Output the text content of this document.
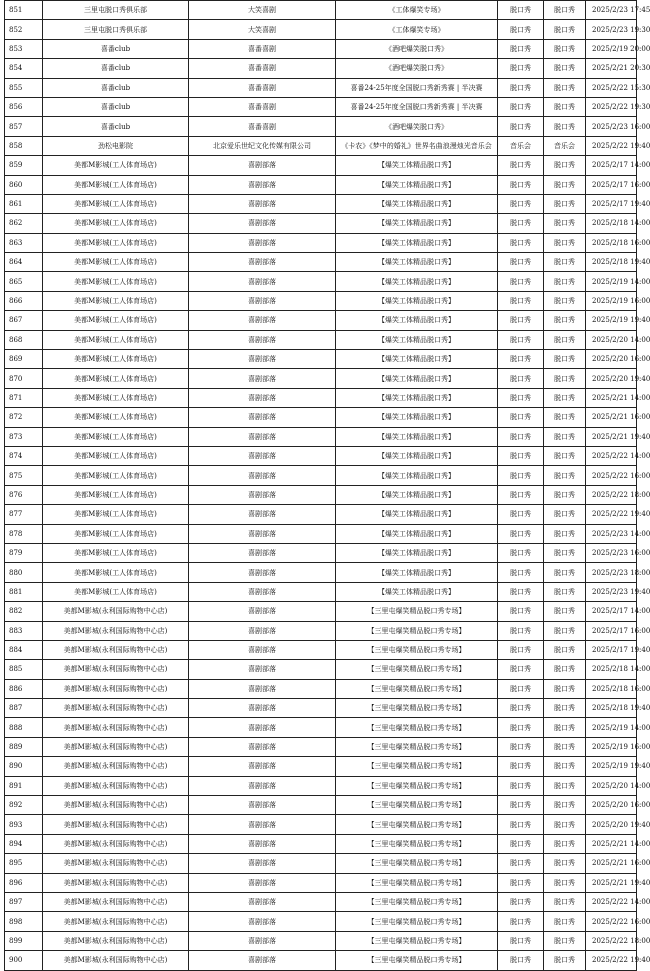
851	三里屯脱口秀俱乐部	大笑喜剧	《工体爆笑专场》	脱口秀	脱口秀	2025/2/23 17:45
852	三里屯脱口秀俱乐部	大笑喜剧	《工体爆笑专场》	脱口秀	脱口秀	2025/2/23 19:30
853	喜番club	喜番喜剧	《酒吧爆笑脱口秀》	脱口秀	脱口秀	2025/2/19 20:00
854	喜番club	喜番喜剧	《酒吧爆笑脱口秀》	脱口秀	脱口秀	2025/2/21 20:30
855	喜番club	喜番喜剧	喜番24-25年度全国脱口秀新秀赛 | 半决赛	脱口秀	脱口秀	2025/2/22 15:30
856	喜番club	喜番喜剧	喜番24-25年度全国脱口秀新秀赛 | 半决赛	脱口秀	脱口秀	2025/2/22 19:30
857	喜番club	喜番喜剧	《酒吧爆笑脱口秀》	脱口秀	脱口秀	2025/2/23 16:00
858	劲松电影院	北京爱乐世纪文化传媒有限公司	《卡农》《梦中的婚礼》世界名曲浪漫烛光音乐会	音乐会	音乐会	2025/2/22 19:40
859	美都M影城(工人体育场店)	喜剧部落	【爆笑工体精品脱口秀】	脱口秀	脱口秀	2025/2/17 14:00
860	美都M影城(工人体育场店)	喜剧部落	【爆笑工体精品脱口秀】	脱口秀	脱口秀	2025/2/17 16:00
861	美都M影城(工人体育场店)	喜剧部落	【爆笑工体精品脱口秀】	脱口秀	脱口秀	2025/2/17 19:40
862	美都M影城(工人体育场店)	喜剧部落	【爆笑工体精品脱口秀】	脱口秀	脱口秀	2025/2/18 14:00
863	美都M影城(工人体育场店)	喜剧部落	【爆笑工体精品脱口秀】	脱口秀	脱口秀	2025/2/18 16:00
864	美都M影城(工人体育场店)	喜剧部落	【爆笑工体精品脱口秀】	脱口秀	脱口秀	2025/2/18 19:40
865	美都M影城(工人体育场店)	喜剧部落	【爆笑工体精品脱口秀】	脱口秀	脱口秀	2025/2/19 14:00
866	美都M影城(工人体育场店)	喜剧部落	【爆笑工体精品脱口秀】	脱口秀	脱口秀	2025/2/19 16:00
867	美都M影城(工人体育场店)	喜剧部落	【爆笑工体精品脱口秀】	脱口秀	脱口秀	2025/2/19 19:40
868	美都M影城(工人体育场店)	喜剧部落	【爆笑工体精品脱口秀】	脱口秀	脱口秀	2025/2/20 14:00
869	美都M影城(工人体育场店)	喜剧部落	【爆笑工体精品脱口秀】	脱口秀	脱口秀	2025/2/20 16:00
870	美都M影城(工人体育场店)	喜剧部落	【爆笑工体精品脱口秀】	脱口秀	脱口秀	2025/2/20 19:40
871	美都M影城(工人体育场店)	喜剧部落	【爆笑工体精品脱口秀】	脱口秀	脱口秀	2025/2/21 14:00
872	美都M影城(工人体育场店)	喜剧部落	【爆笑工体精品脱口秀】	脱口秀	脱口秀	2025/2/21 16:00
873	美都M影城(工人体育场店)	喜剧部落	【爆笑工体精品脱口秀】	脱口秀	脱口秀	2025/2/21 19:40
874	美都M影城(工人体育场店)	喜剧部落	【爆笑工体精品脱口秀】	脱口秀	脱口秀	2025/2/22 14:00
875	美都M影城(工人体育场店)	喜剧部落	【爆笑工体精品脱口秀】	脱口秀	脱口秀	2025/2/22 16:00
876	美都M影城(工人体育场店)	喜剧部落	【爆笑工体精品脱口秀】	脱口秀	脱口秀	2025/2/22 18:00
877	美都M影城(工人体育场店)	喜剧部落	【爆笑工体精品脱口秀】	脱口秀	脱口秀	2025/2/22 19:40
878	美都M影城(工人体育场店)	喜剧部落	【爆笑工体精品脱口秀】	脱口秀	脱口秀	2025/2/23 14:00
879	美都M影城(工人体育场店)	喜剧部落	【爆笑工体精品脱口秀】	脱口秀	脱口秀	2025/2/23 16:00
880	美都M影城(工人体育场店)	喜剧部落	【爆笑工体精品脱口秀】	脱口秀	脱口秀	2025/2/23 18:00
881	美都M影城(工人体育场店)	喜剧部落	【爆笑工体精品脱口秀】	脱口秀	脱口秀	2025/2/23 19:40
882	美都M影城(永利国际购物中心店)	喜剧部落	【三里屯爆笑精品脱口秀专场】	脱口秀	脱口秀	2025/2/17 14:00
883	美都M影城(永利国际购物中心店)	喜剧部落	【三里屯爆笑精品脱口秀专场】	脱口秀	脱口秀	2025/2/17 16:00
884	美都M影城(永利国际购物中心店)	喜剧部落	【三里屯爆笑精品脱口秀专场】	脱口秀	脱口秀	2025/2/17 19:40
885	美都M影城(永利国际购物中心店)	喜剧部落	【三里屯爆笑精品脱口秀专场】	脱口秀	脱口秀	2025/2/18 14:00
886	美都M影城(永利国际购物中心店)	喜剧部落	【三里屯爆笑精品脱口秀专场】	脱口秀	脱口秀	2025/2/18 16:00
887	美都M影城(永利国际购物中心店)	喜剧部落	【三里屯爆笑精品脱口秀专场】	脱口秀	脱口秀	2025/2/18 19:40
888	美都M影城(永利国际购物中心店)	喜剧部落	【三里屯爆笑精品脱口秀专场】	脱口秀	脱口秀	2025/2/19 14:00
889	美都M影城(永利国际购物中心店)	喜剧部落	【三里屯爆笑精品脱口秀专场】	脱口秀	脱口秀	2025/2/19 16:00
890	美都M影城(永利国际购物中心店)	喜剧部落	【三里屯爆笑精品脱口秀专场】	脱口秀	脱口秀	2025/2/19 19:40
891	美都M影城(永利国际购物中心店)	喜剧部落	【三里屯爆笑精品脱口秀专场】	脱口秀	脱口秀	2025/2/20 14:00
892	美都M影城(永利国际购物中心店)	喜剧部落	【三里屯爆笑精品脱口秀专场】	脱口秀	脱口秀	2025/2/20 16:00
893	美都M影城(永利国际购物中心店)	喜剧部落	【三里屯爆笑精品脱口秀专场】	脱口秀	脱口秀	2025/2/20 19:40
894	美都M影城(永利国际购物中心店)	喜剧部落	【三里屯爆笑精品脱口秀专场】	脱口秀	脱口秀	2025/2/21 14:00
895	美都M影城(永利国际购物中心店)	喜剧部落	【三里屯爆笑精品脱口秀专场】	脱口秀	脱口秀	2025/2/21 16:00
896	美都M影城(永利国际购物中心店)	喜剧部落	【三里屯爆笑精品脱口秀专场】	脱口秀	脱口秀	2025/2/21 19:40
897	美都M影城(永利国际购物中心店)	喜剧部落	【三里屯爆笑精品脱口秀专场】	脱口秀	脱口秀	2025/2/22 14:00
898	美都M影城(永利国际购物中心店)	喜剧部落	【三里屯爆笑精品脱口秀专场】	脱口秀	脱口秀	2025/2/22 16:00
899	美都M影城(永利国际购物中心店)	喜剧部落	【三里屯爆笑精品脱口秀专场】	脱口秀	脱口秀	2025/2/22 18:00
900	美都M影城(永利国际购物中心店)	喜剧部落	【三里屯爆笑精品脱口秀专场】	脱口秀	脱口秀	2025/2/22 19:40
